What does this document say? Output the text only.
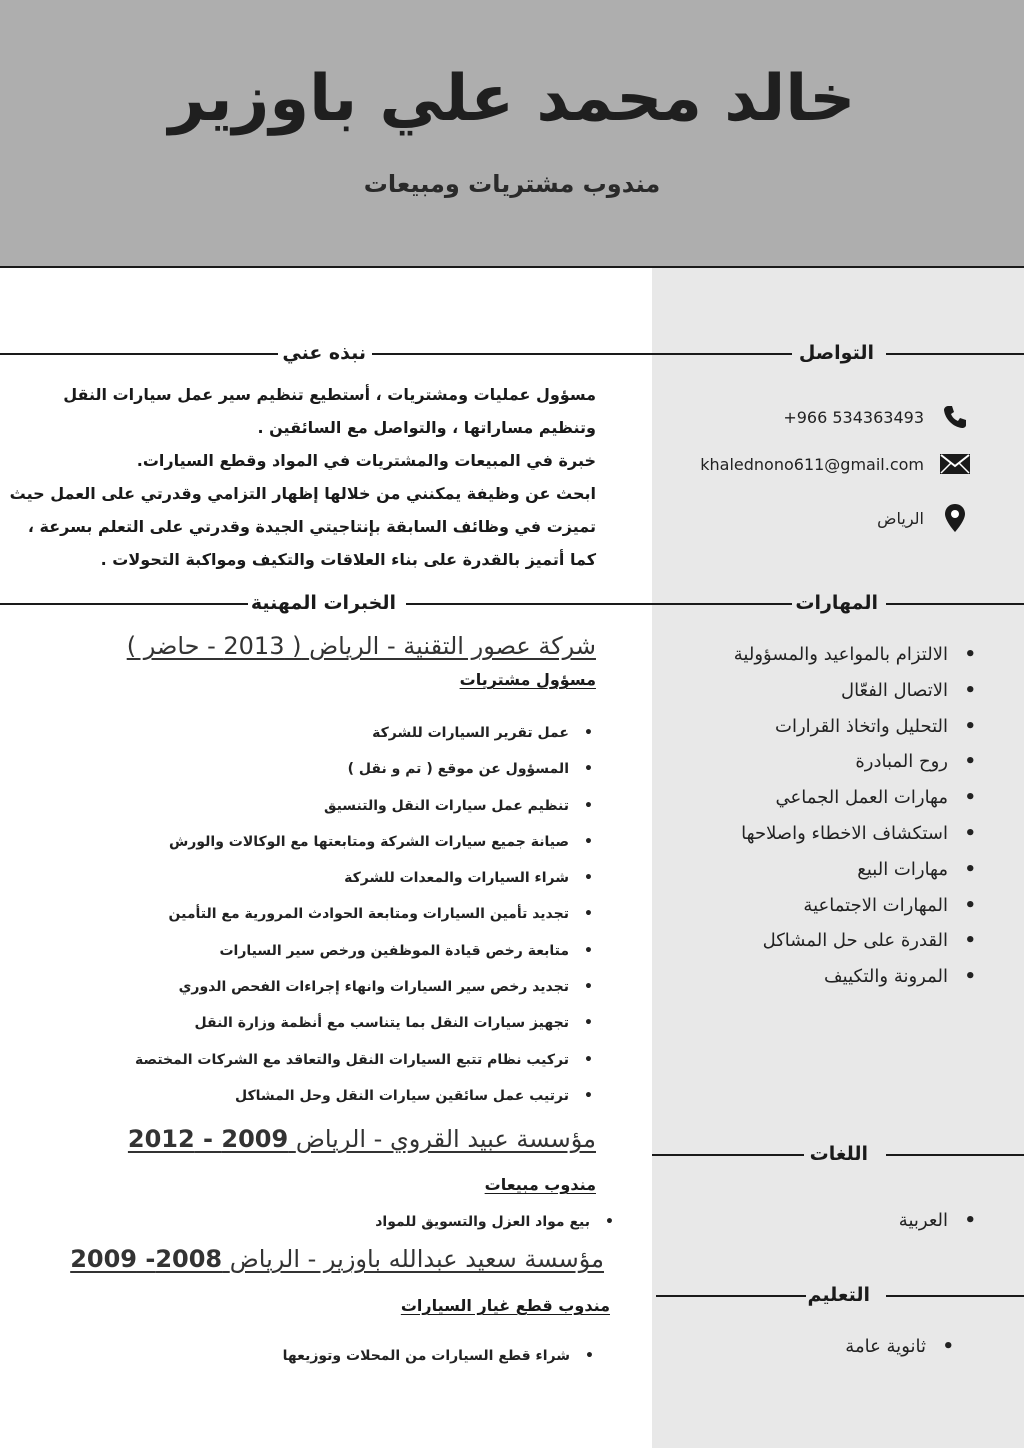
خالد محمد علي باوزير
مندوب مشتريات ومبيعات
التواصل
+966 534363493
khalednono611@gmail.com
الرياض
المهارات
• الالتزام بالمواعيد والمسؤولية
• الاتصال الفعّال
• التحليل واتخاذ القرارات
• روح المبادرة
• مهارات العمل الجماعي
• استكشاف الاخطاء واصلاحها
• مهارات البيع
• المهارات الاجتماعية
• القدرة على حل المشاكل
• المرونة والتكييف
اللغات
• العربية
التعليم
• ثانوية عامة
نبذه عني

مسؤول عمليات ومشتريات ، أستطيع تنظيم سير عمل سيارات النقل

وتنظيم مساراتها ، والتواصل مع السائقين .

خبرة في المبيعات والمشتريات في المواد وقطع السيارات.

ابحث عن وظيفة يمكنني من خلالها إظهار التزامي وقدرتي على العمل حيث

تميزت في وظائف السابقة بإنتاجيتي الجيدة وقدرتي على التعلم بسرعة ،

كما أتميز بالقدرة على بناء العلاقات والتكيف ومواكبة التحولات .

الخبرات المهنية
شركة عصور التقنية - الرياض ( 2013 - حاضر )
مسؤول مشتريات
• عمل تقرير السيارات للشركة
• المسؤول عن موقع ( تم و نقل )
• تنظيم عمل سيارات النقل والتنسيق
• صيانة جميع سيارات الشركة ومتابعتها مع الوكالات والورش
• شراء السيارات والمعدات للشركة
• تجديد تأمين السيارات ومتابعة الحوادث المرورية مع التأمين
• متابعة رخص قيادة الموظفين ورخص سير السيارات
• تجديد رخص سير السيارات وانهاء إجراءات الفحص الدوري
• تجهيز سيارات النقل بما يتناسب مع أنظمة وزارة النقل
• تركيب نظام تتبع السيارات النقل والتعاقد مع الشركات المختصة
• ترتيب عمل سائقين سيارات النقل وحل المشاكل
مؤسسة عبيد القروي - الرياض 2009 - 2012
مندوب مبيعات
• بيع مواد العزل والتسويق للمواد
مؤسسة سعيد عبدالله باوزير - الرياض 2008- 2009
مندوب قطع غيار السيارات
• شراء قطع السيارات من المحلات وتوزيعها
